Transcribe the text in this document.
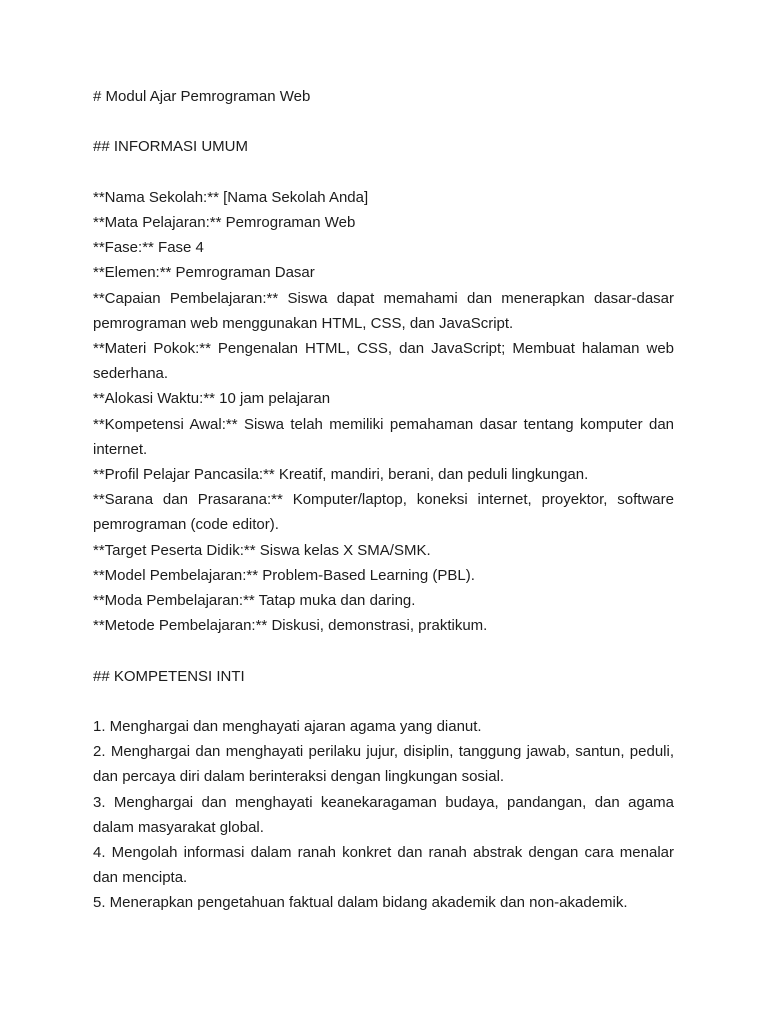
# Modul Ajar Pemrograman Web

## INFORMASI UMUM

**Nama Sekolah:** [Nama Sekolah Anda]

**Mata Pelajaran:** Pemrograman Web

**Fase:** Fase 4

**Elemen:** Pemrograman Dasar

**Capaian Pembelajaran:** Siswa dapat memahami dan menerapkan dasar-dasar pemrograman web menggunakan HTML, CSS, dan JavaScript.

**Materi Pokok:** Pengenalan HTML, CSS, dan JavaScript; Membuat halaman web sederhana.

**Alokasi Waktu:** 10 jam pelajaran

**Kompetensi Awal:** Siswa telah memiliki pemahaman dasar tentang komputer dan internet.

**Profil Pelajar Pancasila:** Kreatif, mandiri, berani, dan peduli lingkungan.

**Sarana dan Prasarana:** Komputer/laptop, koneksi internet, proyektor, software pemrograman (code editor).

**Target Peserta Didik:** Siswa kelas X SMA/SMK.

**Model Pembelajaran:** Problem-Based Learning (PBL).

**Moda Pembelajaran:** Tatap muka dan daring.

**Metode Pembelajaran:** Diskusi, demonstrasi, praktikum.

## KOMPETENSI INTI

1. Menghargai dan menghayati ajaran agama yang dianut.

2. Menghargai dan menghayati perilaku jujur, disiplin, tanggung jawab, santun, peduli, dan percaya diri dalam berinteraksi dengan lingkungan sosial.

3. Menghargai dan menghayati keanekaragaman budaya, pandangan, dan agama dalam masyarakat global.

4. Mengolah informasi dalam ranah konkret dan ranah abstrak dengan cara menalar dan mencipta.

5. Menerapkan pengetahuan faktual dalam bidang akademik dan non-akademik.
